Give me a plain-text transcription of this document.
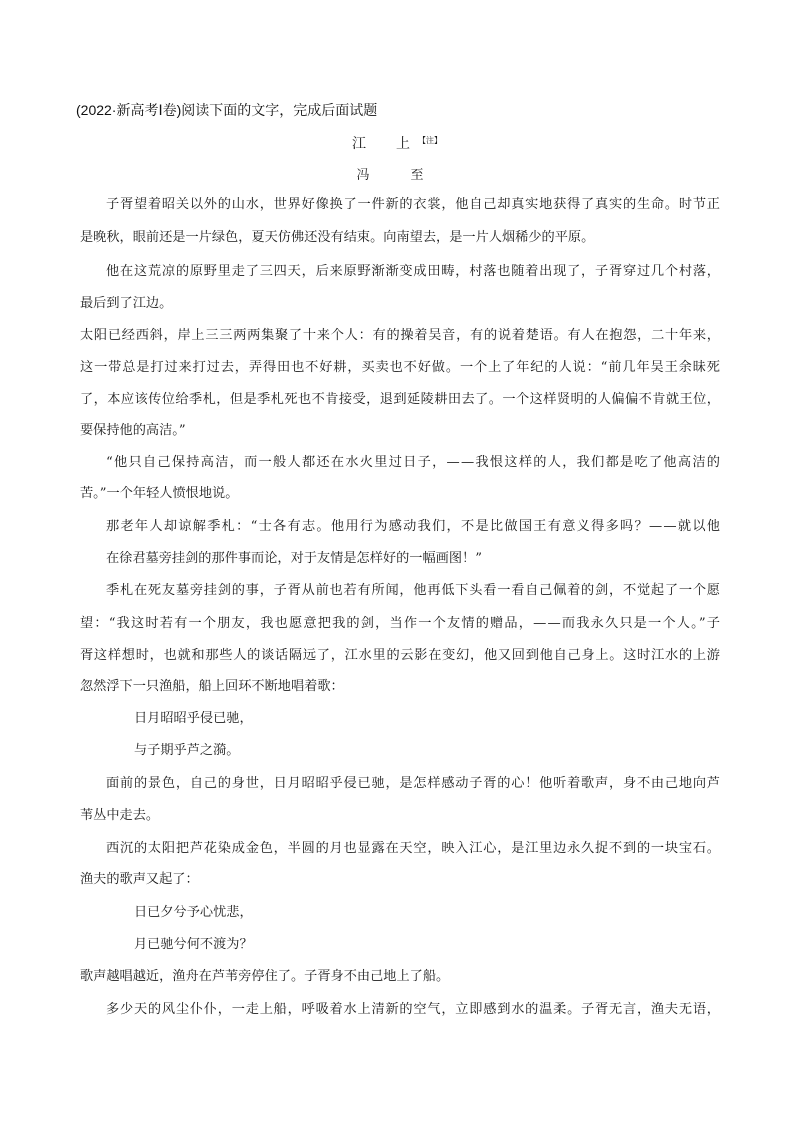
(2022·新高考Ⅰ卷)阅读下面的文字，完成后面试题
江　上$^{【注】}$
冯　至

子胥望着昭关以外的山水，世界好像换了一件新的衣裳，他自己却真实地获得了真实的生命。时节正

是晚秋，眼前还是一片绿色，夏天仿佛还没有结束。向南望去，是一片人烟稀少的平原。

他在这荒凉的原野里走了三四天，后来原野渐渐变成田畴，村落也随着出现了，子胥穿过几个村落，

最后到了江边。

太阳已经西斜，岸上三三两两集聚了十来个人：有的操着吴音，有的说着楚语。有人在抱怨，二十年来，

这一带总是打过来打过去，弄得田也不好耕，买卖也不好做。一个上了年纪的人说：“前几年吴王余昧死

了，本应该传位给季札，但是季札死也不肯接受，退到延陵耕田去了。一个这样贤明的人偏偏不肯就王位，

要保持他的高洁。”

“他只自己保持高洁，而一般人都还在水火里过日子，——我恨这样的人，我们都是吃了他高洁的

苦。”一个年轻人愤恨地说。

那老年人却谅解季札：“士各有志。他用行为感动我们，不是比做国王有意义得多吗？——就以他

在徐君墓旁挂剑的那件事而论，对于友情是怎样好的一幅画图！”

季札在死友墓旁挂剑的事，子胥从前也若有所闻，他再低下头看一看自己佩着的剑，不觉起了一个愿

望：“我这时若有一个朋友，我也愿意把我的剑，当作一个友情的赠品，——而我永久只是一个人。”子

胥这样想时，也就和那些人的谈话隔远了，江水里的云影在变幻，他又回到他自己身上。这时江水的上游

忽然浮下一只渔船，船上回环不断地唱着歌：

日月昭昭乎侵已驰，

与子期乎芦之漪。

面前的景色，自己的身世，日月昭昭乎侵已驰，是怎样感动子胥的心！他听着歌声，身不由己地向芦

苇丛中走去。

西沉的太阳把芦花染成金色，半圆的月也显露在天空，映入江心，是江里边永久捉不到的一块宝石。

渔夫的歌声又起了：

日已夕兮予心忧悲，

月已驰兮何不渡为？

歌声越唱越近，渔舟在芦苇旁停住了。子胥身不由己地上了船。

多少天的风尘仆仆，一走上船，呼吸着水上清新的空气，立即感到水的温柔。子胥无言，渔夫无语，
